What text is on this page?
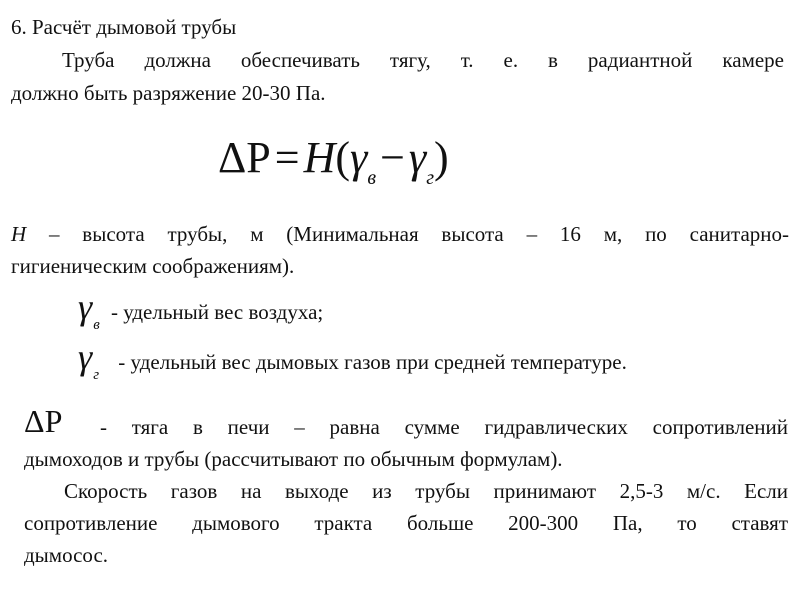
6. Расчёт дымовой трубы
Труба должна обеспечивать тягу, т. е. в радиантной камере
должно быть разряжение 20-30 Па.
ΔP = H(γв − γг)
H – высота трубы, м (Минимальная высота – 16 м, по санитарно-
гигиеническим соображениям).
$\gamma_в$ - удельный вес воздуха;
$\gamma_г$ - удельный вес дымовых газов при средней температуре.
ΔP - тяга в печи – равна сумме гидравлических сопротивлений
дымоходов и трубы (рассчитывают по обычным формулам).
Скорость газов на выходе из трубы принимают 2,5-3 м/с. Если
сопротивление дымового тракта больше 200-300 Па, то ставят
дымосос.
